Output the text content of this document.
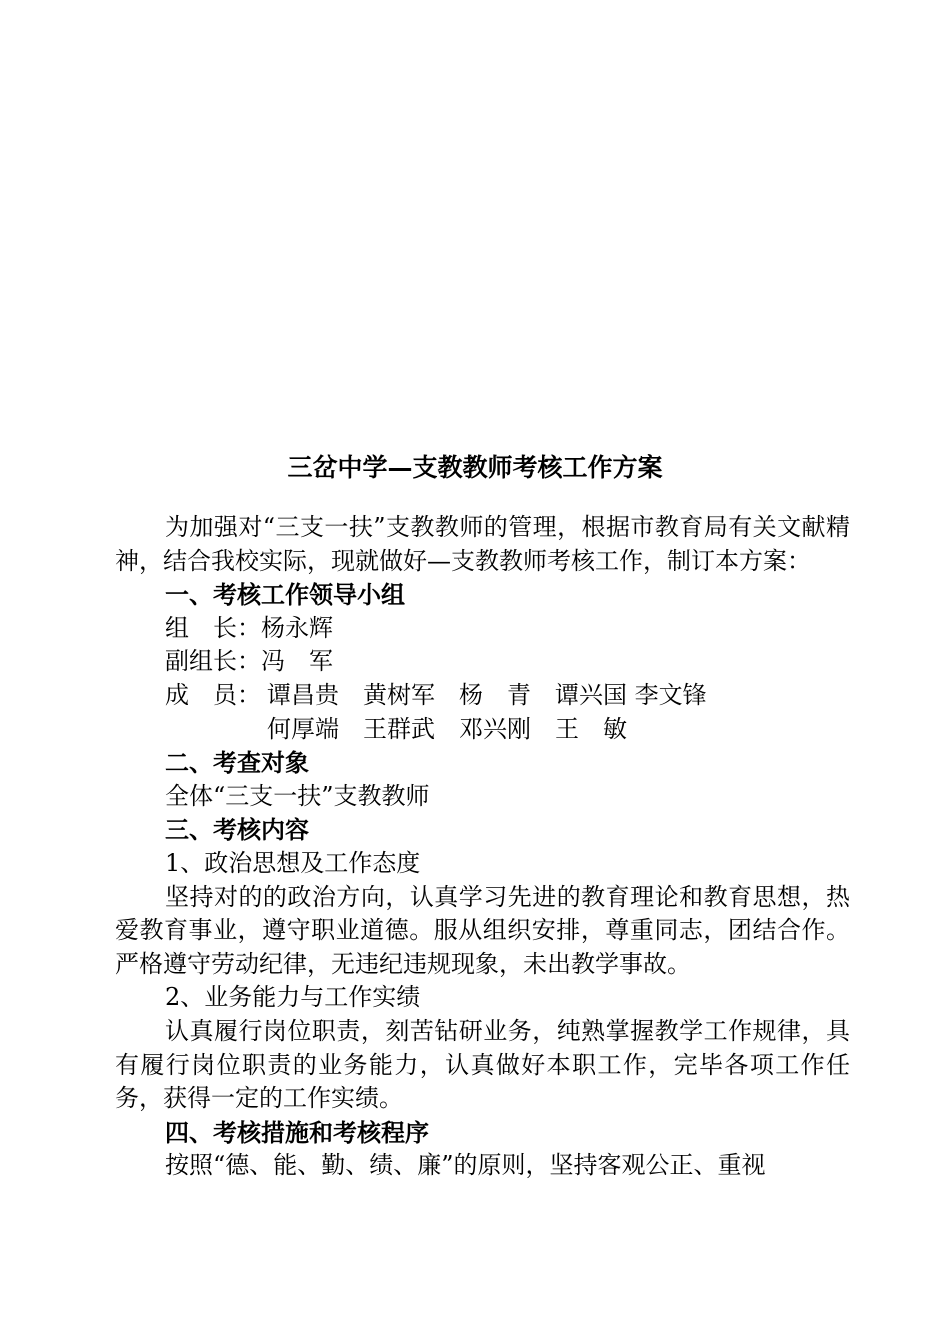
三岔中学—支教教师考核工作方案

为加强对“三支一扶”支教教师的管理，根据市教育局有关文献精神，结合我校实际，现就做好—支教教师考核工作，制订本方案：

一、考核工作领导小组

组　长：杨永辉

副组长：冯　军

成　员： 谭昌贵　黄树军　杨　青　谭兴国 李文锋

何厚端　王群武　邓兴刚　王　敏

二、考查对象

全体“三支一扶”支教教师

三、考核内容

1、政治思想及工作态度

坚持对的的政治方向，认真学习先进的教育理论和教育思想，热爱教育事业，遵守职业道德。服从组织安排，尊重同志，团结合作。严格遵守劳动纪律，无违纪违规现象，未出教学事故。

2、业务能力与工作实绩

认真履行岗位职责，刻苦钻研业务，纯熟掌握教学工作规律，具有履行岗位职责的业务能力，认真做好本职工作，完毕各项工作任务，获得一定的工作实绩。

四、考核措施和考核程序

按照“德、能、勤、绩、廉”的原则，坚持客观公正、重视
